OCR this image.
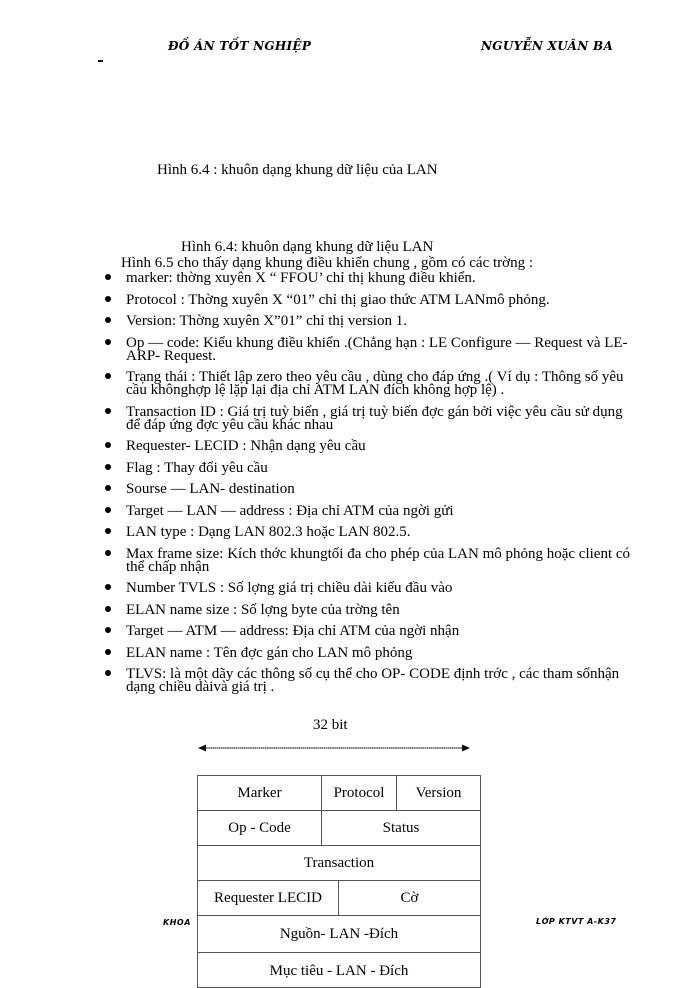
ĐỒ ÁN TỐT NGHIỆP	NGUYỄN XUÂN BA
Hình 6.4 : khuôn dạng khung dữ liệu của LAN
Hình 6.4: khuôn dạng khung dữ liệu LAN
Hình 6.5 cho thấy dạng khung điều khiển chung , gồm có các trờng :
marker: thờng xuyên X “ FFOU’ chỉ thị khung điều khiển.
Protocol : Thờng xuyên X “01” chỉ thị giao thức ATM LANmô phỏng.
Version: Thờng xuyên X”01” chỉ thị version 1.
Op — code: Kiểu khung điều khiển .(Chẳng hạn : LE Configure — Request và LE- ARP- Request.
Trạng thái : Thiết lập zero theo yêu cầu , dùng cho đáp ứng .( Ví dụ : Thông số yêu cầu khônghợp lệ lặp lại địa chỉ ATM LAN đích không hợp lệ) .
Transaction ID : Giá trị tuỳ biến , giá trị tuỳ biến đợc gán bởi việc yêu cầu sử dụng để đáp ứng đợc yêu cầu khác nhau
Requester- LECID : Nhận dạng yêu cầu
Flag : Thay đổi yêu cầu
Sourse — LAN- destination
Target — LAN — address : Địa chỉ ATM của ngời gửi
LAN type : Dạng LAN 802.3 hoặc LAN 802.5.
Max frame size: Kích thớc khungtối đa cho phép của LAN mô phỏng hoặc client có thể chấp nhận
Number TVLS : Số lợng giá trị chiều dài kiểu đầu vào
ELAN name size : Số lợng byte của trờng tên
Target — ATM — address: Địa chỉ ATM của ngời nhận
ELAN name : Tên đợc gán cho LAN mô phỏng
TLVS: là một dãy các thông số cụ thể cho OP- CODE định trớc , các tham sốnhận dạng chiều dàivà giá trị .
32 bit
Marker	Protocol	Version
Op - Code	Status
Transaction
Requester LECID	Cờ
Nguồn- LAN -Đích
Mục tiêu - LAN - Đích
KHOA	LỚP KTVT A-K37
